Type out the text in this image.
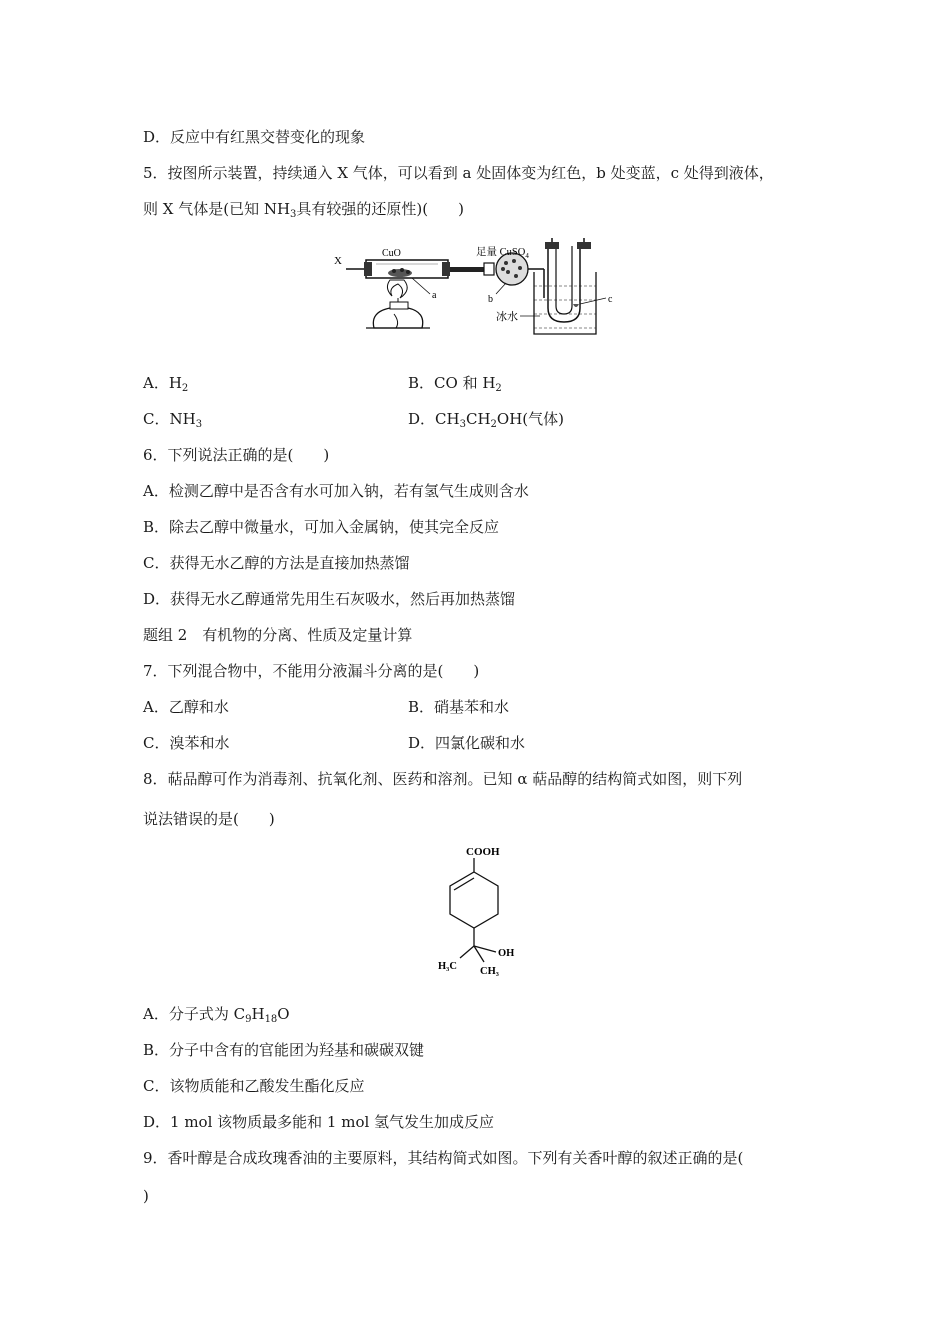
D．反应中有红黑交替变化的现象
5．按图所示装置，持续通入 X 气体，可以看到 a 处固体变为红色，b 处变蓝，c 处得到液体，
则 X 气体是(已知 $NH_3$具有较强的还原性)(　　)
X
CuO
a
足量 CuSO$_4$
b	c
冰水
A．$H_2$	B．CO 和 $H_2$
C．$NH_3$	D．$CH_3CH_2OH$(气体)
6．下列说法正确的是(　　)
A．检测乙醇中是否含有水可加入钠，若有氢气生成则含水
B．除去乙醇中微量水，可加入金属钠，使其完全反应
C．获得无水乙醇的方法是直接加热蒸馏
D．获得无水乙醇通常先用生石灰吸水，然后再加热蒸馏
题组 2　有机物的分离、性质及定量计算
7．下列混合物中，不能用分液漏斗分离的是(　　)
A．乙醇和水	B．硝基苯和水
C．溴苯和水	D．四氯化碳和水
8．萜品醇可作为消毒剂、抗氧化剂、医药和溶剂。已知 α 萜品醇的结构简式如图，则下列
说法错误的是(　　)
COOH
OH
H₃C CH₃
A．分子式为 $C_9H_{18}O$
B．分子中含有的官能团为羟基和碳碳双键
C．该物质能和乙酸发生酯化反应
D．1 mol 该物质最多能和 1 mol 氢气发生加成反应
9．香叶醇是合成玫瑰香油的主要原料，其结构简式如图。下列有关香叶醇的叙述正确的是(
)
